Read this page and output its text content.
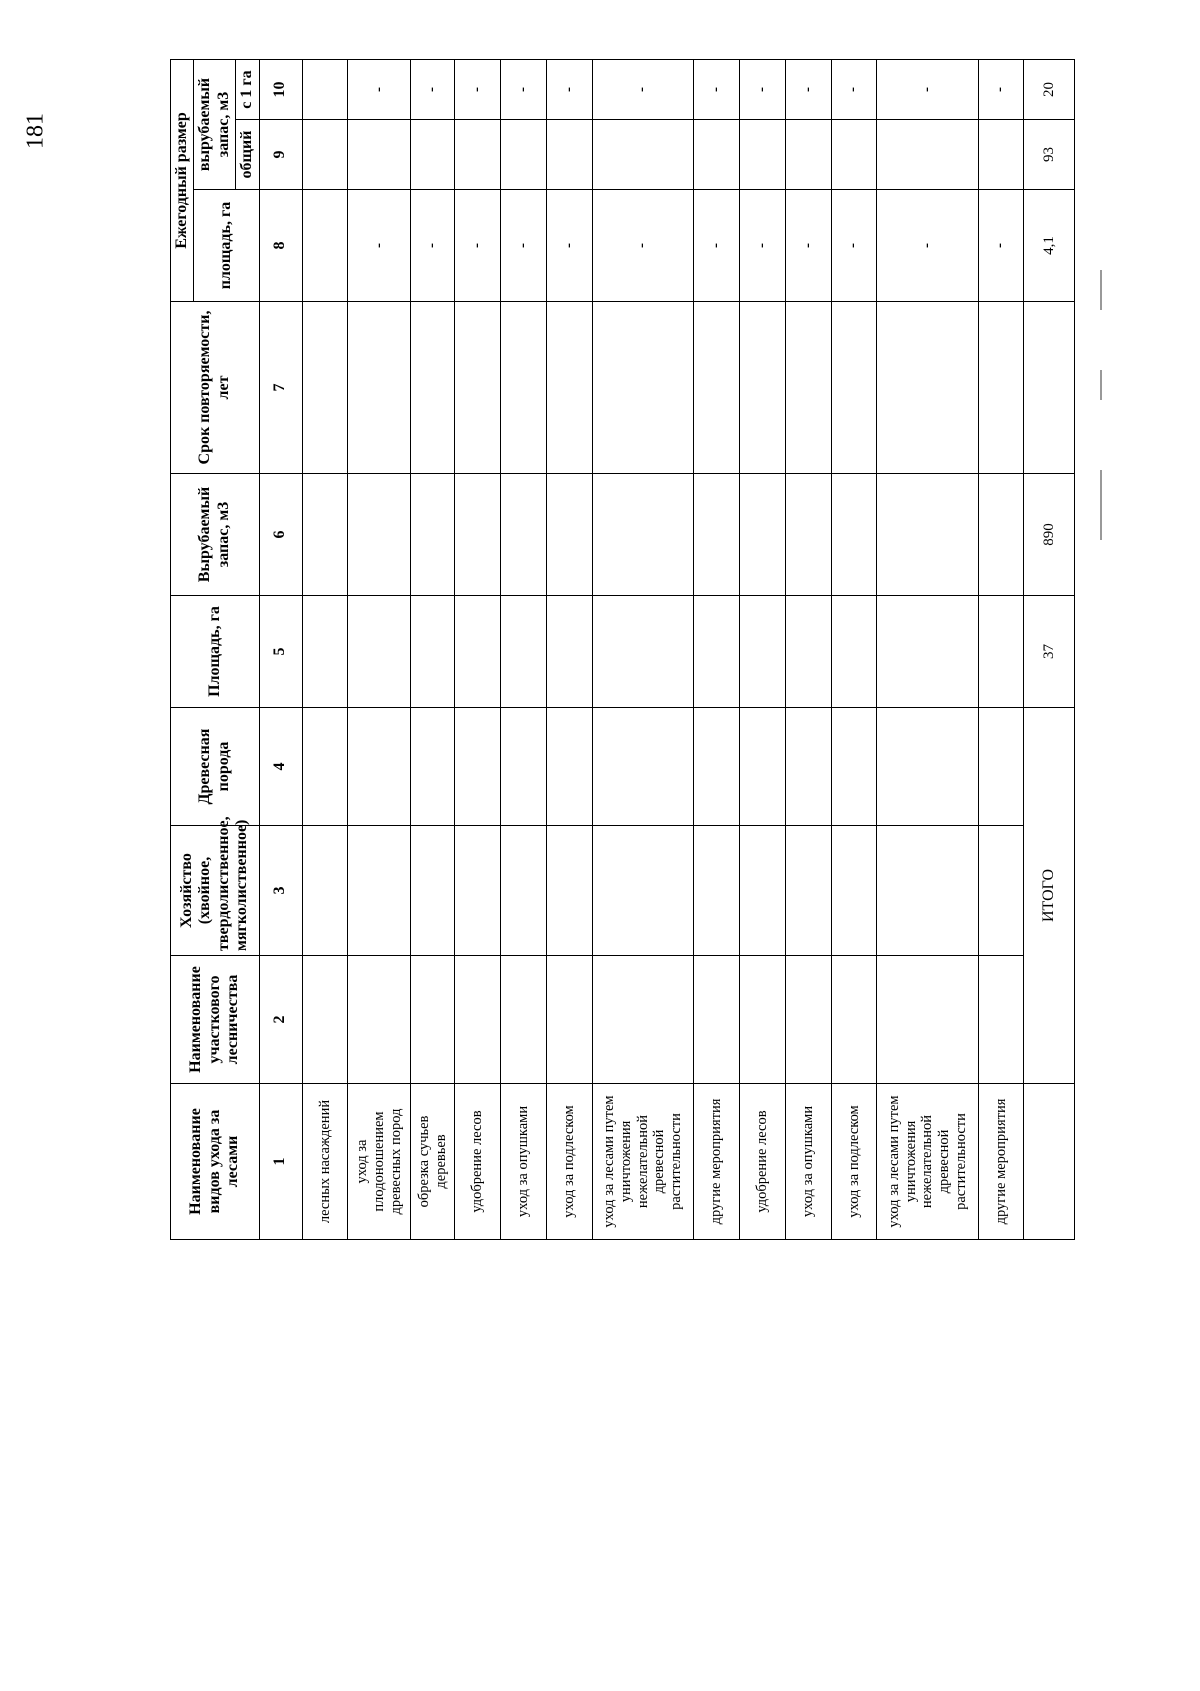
181
Наименование видов ухода за лесами	Наименование участкового лесничества	Хозяйство (хвойное, твердолиственное, мягколиственное)	Древесная порода	Площадь, га	Вырубаемый запас, м3	Срок повторяемости, лет	Ежегодный размер		
							площадь, га	вырубаемый запас, м3	
								общий	с 1 га
1	2	3	4	5	6	7	8	9	10
лесных насаждений									
уход за плодоношением древесных пород							-		-
обрезка сучьев деревьев							-		-
удобрение лесов							-		-
уход за опушками							-		-
уход за подлеском							-		-
уход за лесами путем уничтожения нежелательной древесной растительности							-		-
другие мероприятия							-		-
удобрение лесов							-		-
уход за опушками							-		-
уход за подлеском							-		-
уход за лесами путем уничтожения нежелательной древесной растительности							-		-
другие мероприятия							-		-
	ИТОГО			37	890		4,1	93	20
